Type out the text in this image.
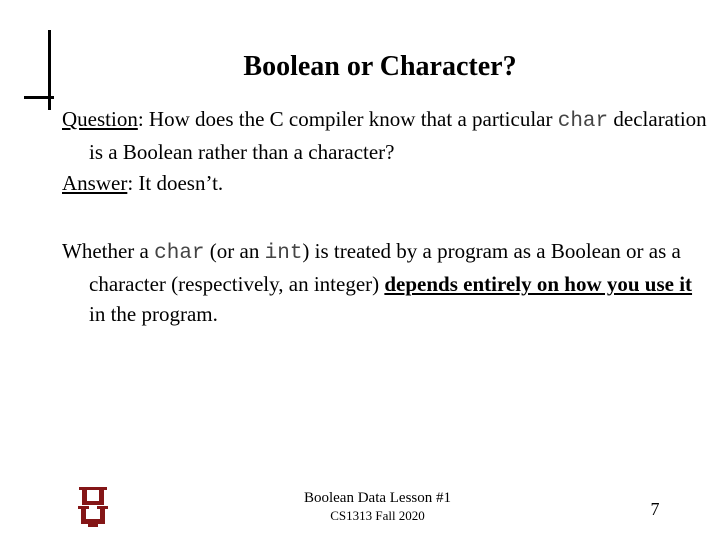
Boolean or Character?
Question: How does the C compiler know that a particular char declaration is a Boolean rather than a character?
Answer: It doesn’t.
Whether a char (or an int) is treated by a program as a Boolean or as a character (respectively, an integer) depends entirely on how you use it in the program.
Boolean Data Lesson #1
CS1313 Fall 2020	7
